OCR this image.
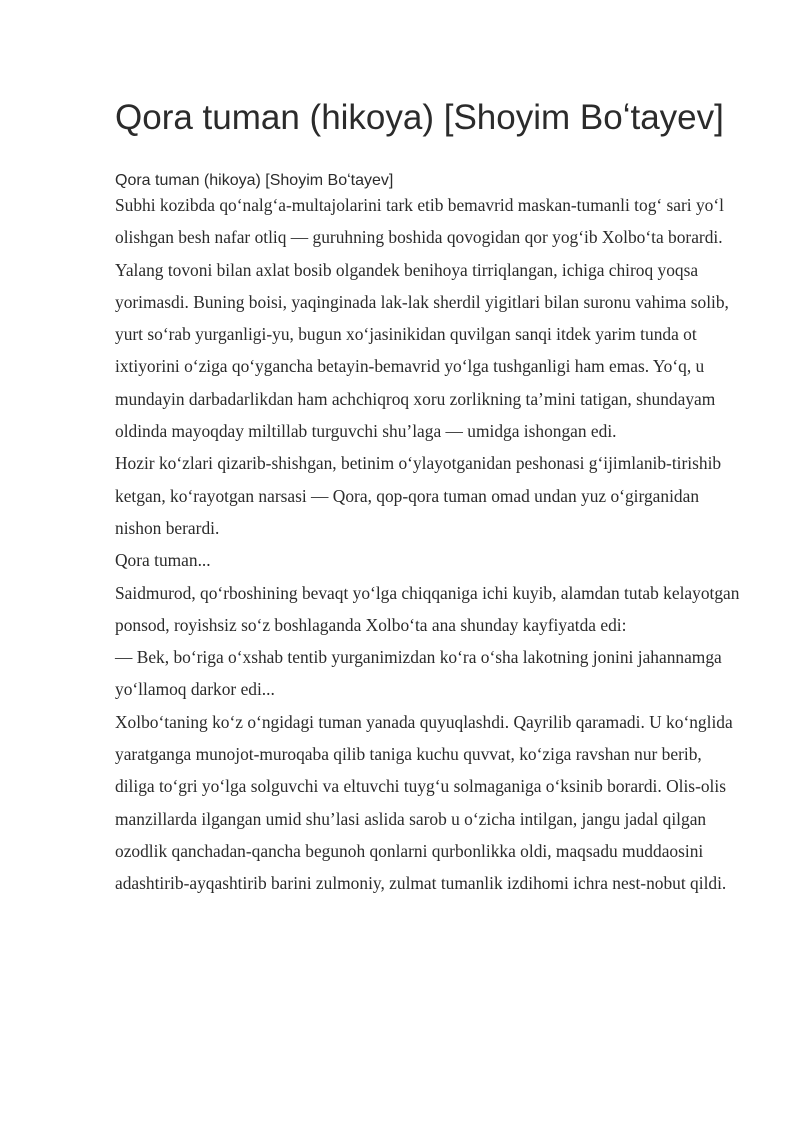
Qora tuman (hikoya) [Shoyim Boʻtayev]
Qora tuman (hikoya) [Shoyim Boʻtayev]

Subhi kozibda qoʻnalgʻa-multajolarini tark etib bemavrid maskan-tumanli togʻ sari yoʻl olishgan besh nafar otliq — guruhning boshida qovogidan qor yogʻib Xolboʻta borardi. Yalang tovoni bilan axlat bosib olgandek benihoya tirriqlangan, ichiga chiroq yoqsa yorimasdi. Buning boisi, yaqinginada lak-lak sherdil yigitlari bilan suronu vahima solib, yurt soʻrab yurganligi-yu, bugun xoʻjasinikidan quvilgan sanqi itdek yarim tunda ot ixtiyorini oʻziga qoʻyganchа betayin-bemavrid yoʻlga tushganligi ham emas. Yoʻq, u mundayin darbadarlikdan ham achchiqroq xoru zorlikning taʼmini tatigan, shundayam oldinda mayoqday miltillab turguvchi shuʼlaga — umidga ishongan edi.

Hozir koʻzlari qizarib-shishgan, betinim oʻylayotganidan peshonasi gʻijimlanib-tirishib ketgan, koʻrayotgan narsasi — Qora, qop-qora tuman omad undan yuz oʻgirganidan nishon berardi.

Qora tuman...

Saidmurod, qoʻrboshining bevaqt yoʻlga chiqqaniga ichi kuyib, alamdan tutab kelayotgan ponsod, royishsiz soʻz boshlaganda Xolboʻta ana shunday kayfiyatda edi:

— Bek, boʻriga oʻxshab tentib yurganimizdan koʻra oʻsha lakotning jonini jahannamga yoʻllamoq darkor edi...

Xolboʻtaning koʻz oʻngidagi tuman yanada quyuqlashdi. Qayrilib qaramadi. U koʻnglida yaratganga munojot-muroqaba qilib taniga kuchu quvvat, koʻziga ravshan nur berib, diliga toʻgri yoʻlga solguvchi va eltuvchi tuygʻu solmaganiga oʻksinib borardi. Olis-olis manzillarda ilgangan umid shuʼlasi aslida sarob u oʻzicha intilgan, jangu jadal qilgan ozodlik qanchadan-qancha begunoh qonlarni qurbonlikka oldi, maqsadu muddaosini adashtirib-ayqashtirib barini zulmoniy, zulmat tumanlik izdihomi ichra nest-nobut qildi.
